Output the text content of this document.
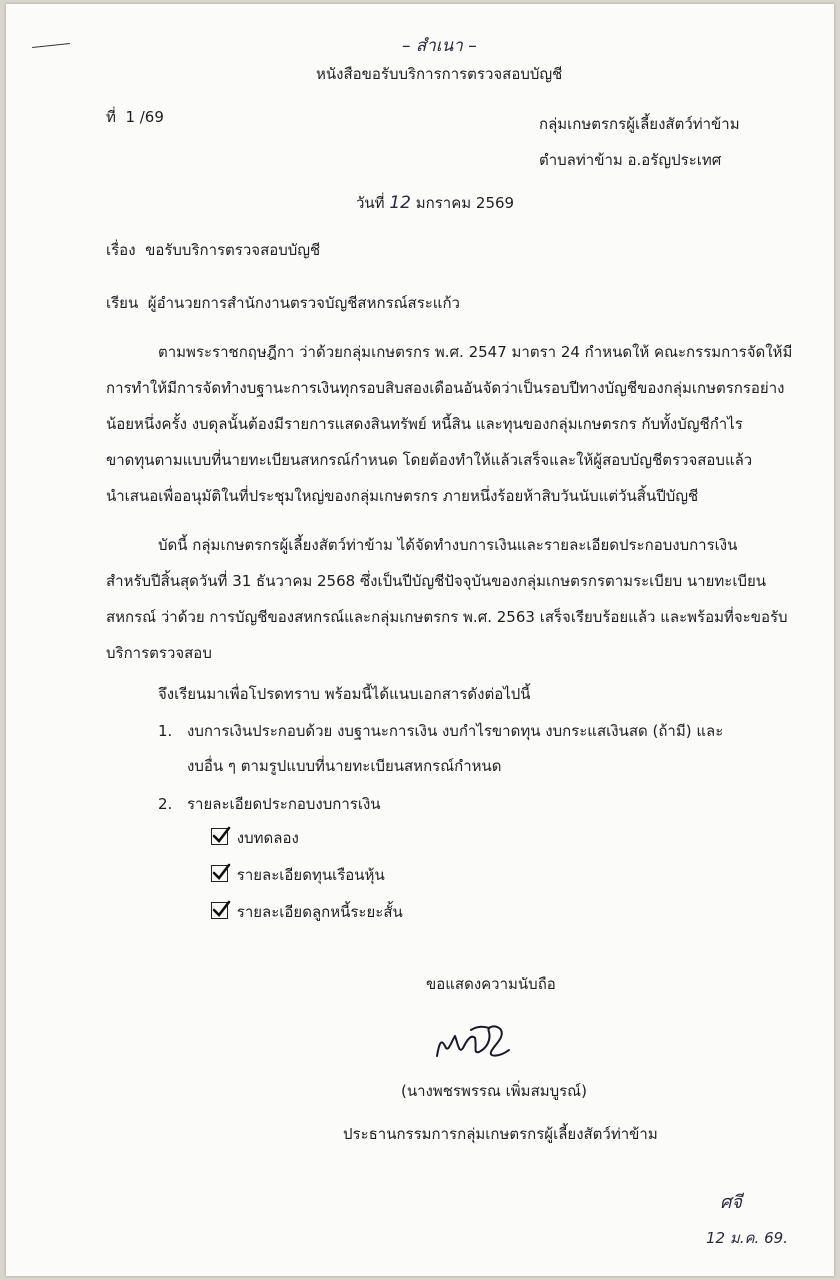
– สำเนา –
หนังสือขอรับบริการการตรวจสอบบัญชี
ที่ 1 /69	กลุ่มเกษตรกรผู้เลี้ยงสัตว์ท่าข้าม
ตำบลท่าข้าม อ.อรัญประเทศ
วันที่ 12 มกราคม 2569
เรื่อง ขอรับบริการตรวจสอบบัญชี
เรียน ผู้อำนวยการสำนักงานตรวจบัญชีสหกรณ์สระแก้ว
ตามพระราชกฤษฎีกา ว่าด้วยกลุ่มเกษตรกร พ.ศ. 2547 มาตรา 24 กำหนดให้ คณะกรรมการจัดให้มี
การทำให้มีการจัดทำงบฐานะการเงินทุกรอบสิบสองเดือนอันจัดว่าเป็นรอบปีทางบัญชีของกลุ่มเกษตรกรอย่าง
น้อยหนึ่งครั้ง งบดุลนั้นต้องมีรายการแสดงสินทรัพย์ หนี้สิน และทุนของกลุ่มเกษตรกร กับทั้งบัญชีกำไร
ขาดทุนตามแบบที่นายทะเบียนสหกรณ์กำหนด โดยต้องทำให้แล้วเสร็จและให้ผู้สอบบัญชีตรวจสอบแล้ว
นำเสนอเพื่ออนุมัติในที่ประชุมใหญ่ของกลุ่มเกษตรกร ภายหนึ่งร้อยห้าสิบวันนับแต่วันสิ้นปีบัญชี
บัดนี้ กลุ่มเกษตรกรผู้เลี้ยงสัตว์ท่าข้าม ได้จัดทำงบการเงินและรายละเอียดประกอบงบการเงิน
สำหรับปีสิ้นสุดวันที่ 31 ธันวาคม 2568 ซึ่งเป็นปีบัญชีปัจจุบันของกลุ่มเกษตรกรตามระเบียบ นายทะเบียน
สหกรณ์ ว่าด้วย การบัญชีของสหกรณ์และกลุ่มเกษตรกร พ.ศ. 2563 เสร็จเรียบร้อยแล้ว และพร้อมที่จะขอรับ
บริการตรวจสอบ
จึงเรียนมาเพื่อโปรดทราบ พร้อมนี้ได้แนบเอกสารดังต่อไปนี้
1. งบการเงินประกอบด้วย งบฐานะการเงิน งบกำไรขาดทุน งบกระแสเงินสด (ถ้ามี) และ
งบอื่น ๆ ตามรูปแบบที่นายทะเบียนสหกรณ์กำหนด
2. รายละเอียดประกอบงบการเงิน
งบทดลอง
รายละเอียดทุนเรือนหุ้น
รายละเอียดลูกหนี้ระยะสั้น
ขอแสดงความนับถือ
(นางพชรพรรณ เพิ่มสมบูรณ์)
ประธานกรรมการกลุ่มเกษตรกรผู้เลี้ยงสัตว์ท่าข้าม
ศจี
12 ม.ค. 69.
